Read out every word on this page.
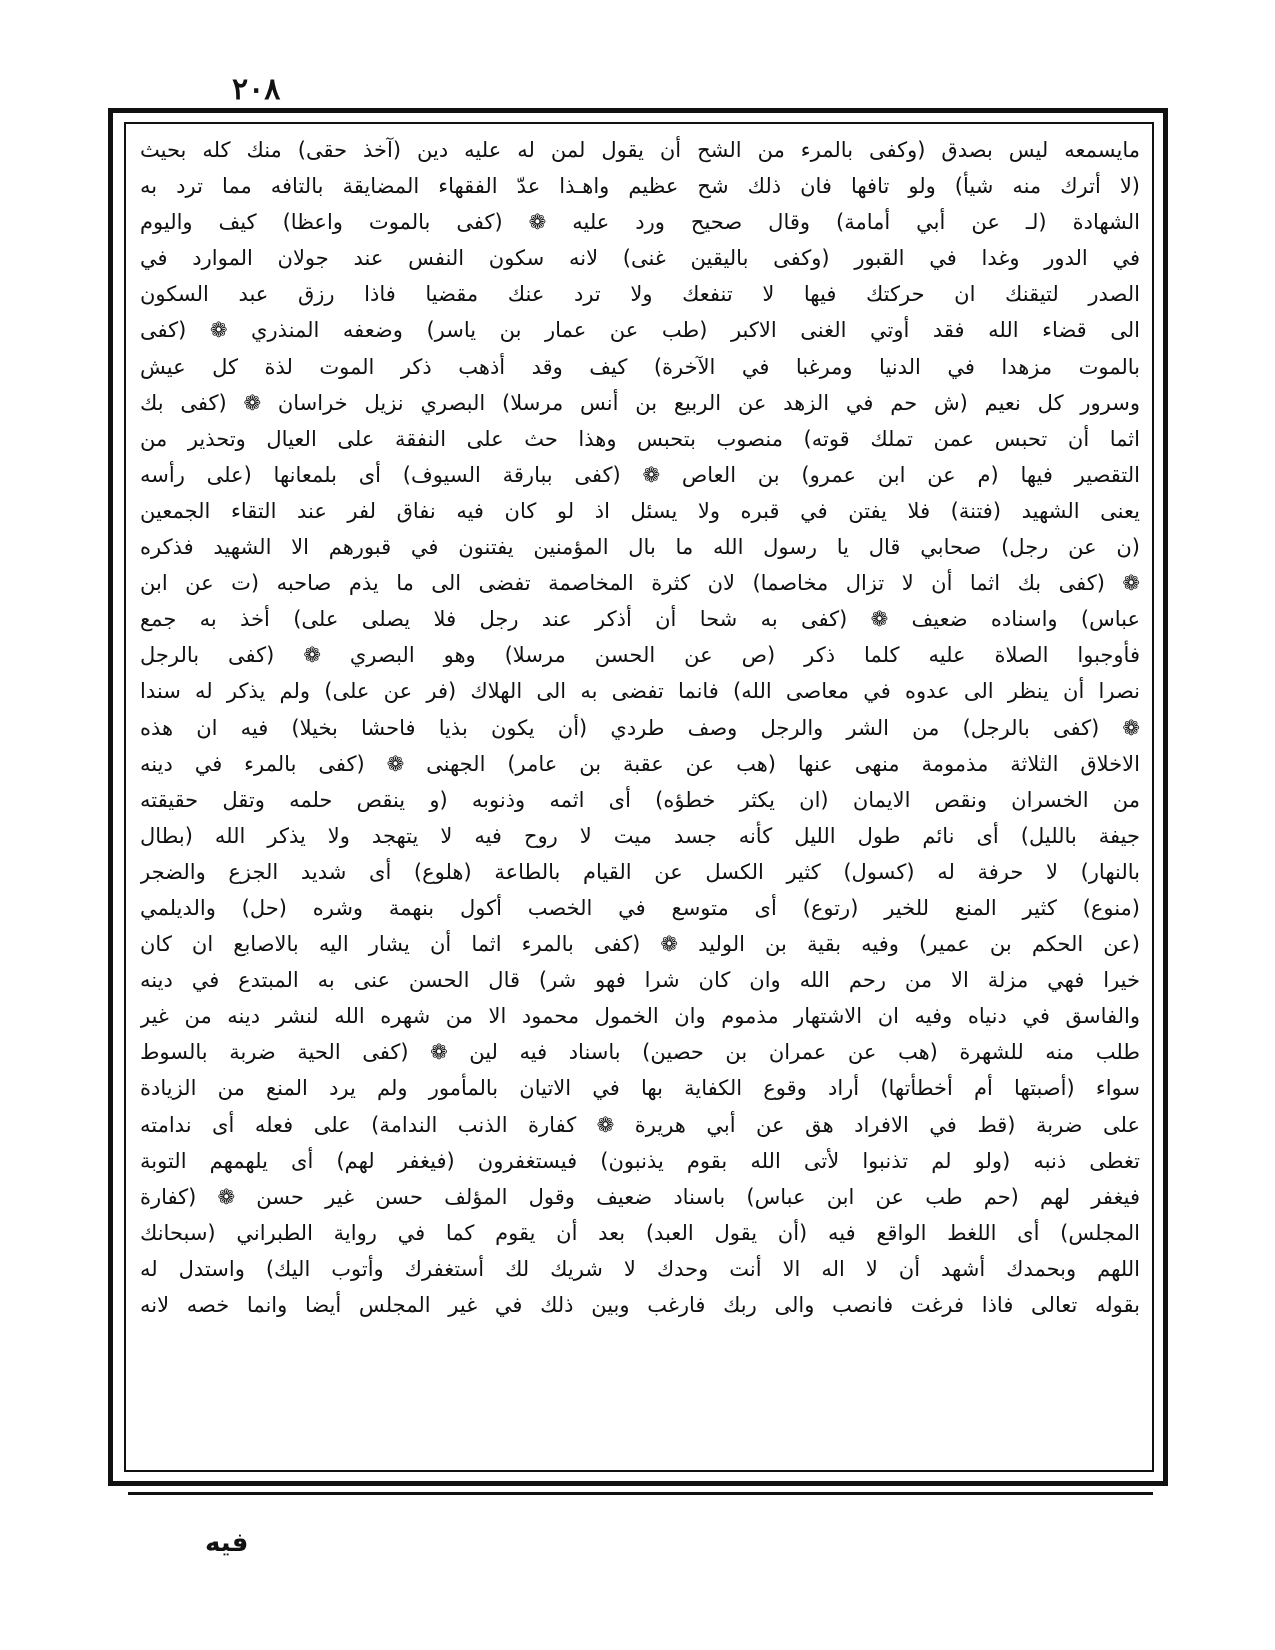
٢٠٨
مايسمعه ليس بصدق (وكفى بالمرء من الشح أن يقول لمن له عليه دين (آخذ حقى) منك كله بحيث
(لا أترك منه شيأ) ولو تافها فان ذلك شح عظيم واهـذا عدّ الفقهاء المضايقة بالتافه مما ترد به
الشهادة (لـ عن أبي أمامة) وقال صحيح ورد عليه ❁ (كفى بالموت واعظا) كيف واليوم
في الدور وغدا في القبور (وكفى باليقين غنى) لانه سكون النفس عند جولان الموارد في
الصدر لتيقنك ان حركتك فيها لا تنفعك ولا ترد عنك مقضيا فاذا رزق عبد السكون
الى قضاء الله فقد أوتي الغنى الاكبر (طب عن عمار بن ياسر) وضعفه المنذري ❁ (كفى
بالموت مزهدا في الدنيا ومرغبا في الآخرة) كيف وقد أذهب ذكر الموت لذة كل عيش
وسرور كل نعيم (ش حم في الزهد عن الربيع بن أنس مرسلا) البصري نزيل خراسان ❁ (كفى بك
اثما أن تحبس عمن تملك قوته) منصوب بتحبس وهذا حث على النفقة على العيال وتحذير من
التقصير فيها (م عن ابن عمرو) بن العاص ❁ (كفى ببارقة السيوف) أى بلمعانها (على رأسه
يعنى الشهيد (فتنة) فلا يفتن في قبره ولا يسئل اذ لو كان فيه نفاق لفر عند التقاء الجمعين
(ن عن رجل) صحابي قال يا رسول الله ما بال المؤمنين يفتنون في قبورهم الا الشهيد فذكره
❁ (كفى بك اثما أن لا تزال مخاصما) لان كثرة المخاصمة تفضى الى ما يذم صاحبه (ت عن ابن
عباس) واسناده ضعيف ❁ (كفى به شحا أن أذكر عند رجل فلا يصلى على) أخذ به جمع
فأوجبوا الصلاة عليه كلما ذكر (ص عن الحسن مرسلا) وهو البصري ❁ (كفى بالرجل
نصرا أن ينظر الى عدوه في معاصى الله) فانما تفضى به الى الهلاك (فر عن على) ولم يذكر له سندا
❁ (كفى بالرجل) من الشر والرجل وصف طردي (أن يكون بذيا فاحشا بخيلا) فيه ان هذه
الاخلاق الثلاثة مذمومة منهى عنها (هب عن عقبة بن عامر) الجهنى ❁ (كفى بالمرء في دينه
من الخسران ونقص الايمان (ان يكثر خطؤه) أى اثمه وذنوبه (و ينقص حلمه وتقل حقيقته
جيفة بالليل) أى نائم طول الليل كأنه جسد ميت لا روح فيه لا يتهجد ولا يذكر الله (بطال
بالنهار) لا حرفة له (كسول) كثير الكسل عن القيام بالطاعة (هلوع) أى شديد الجزع والضجر
(منوع) كثير المنع للخير (رتوع) أى متوسع في الخصب أكول بنهمة وشره (حل) والديلمي
(عن الحكم بن عمير) وفيه بقية بن الوليد ❁ (كفى بالمرء اثما أن يشار اليه بالاصابع ان كان
خيرا فهي مزلة الا من رحم الله وان كان شرا فهو شر) قال الحسن عنى به المبتدع في دينه
والفاسق في دنياه وفيه ان الاشتهار مذموم وان الخمول محمود الا من شهره الله لنشر دينه من غير
طلب منه للشهرة (هب عن عمران بن حصين) باسناد فيه لين ❁ (كفى الحية ضربة بالسوط
سواء (أصبتها أم أخطأتها) أراد وقوع الكفاية بها في الاتيان بالمأمور ولم يرد المنع من الزيادة
على ضربة (قط في الافراد هق عن أبي هريرة ❁ كفارة الذنب الندامة) على فعله أى ندامته
تغطى ذنبه (ولو لم تذنبوا لأتى الله بقوم يذنبون) فيستغفرون (فيغفر لهم) أى يلهمهم التوبة
فيغفر لهم (حم طب عن ابن عباس) باسناد ضعيف وقول المؤلف حسن غير حسن ❁ (كفارة
المجلس) أى اللغط الواقع فيه (أن يقول العبد) بعد أن يقوم كما في رواية الطبراني (سبحانك
اللهم وبحمدك أشهد أن لا اله الا أنت وحدك لا شريك لك أستغفرك وأتوب اليك) واستدل له
بقوله تعالى فاذا فرغت فانصب والى ربك فارغب وبين ذلك في غير المجلس أيضا وانما خصه لانه
فيه
